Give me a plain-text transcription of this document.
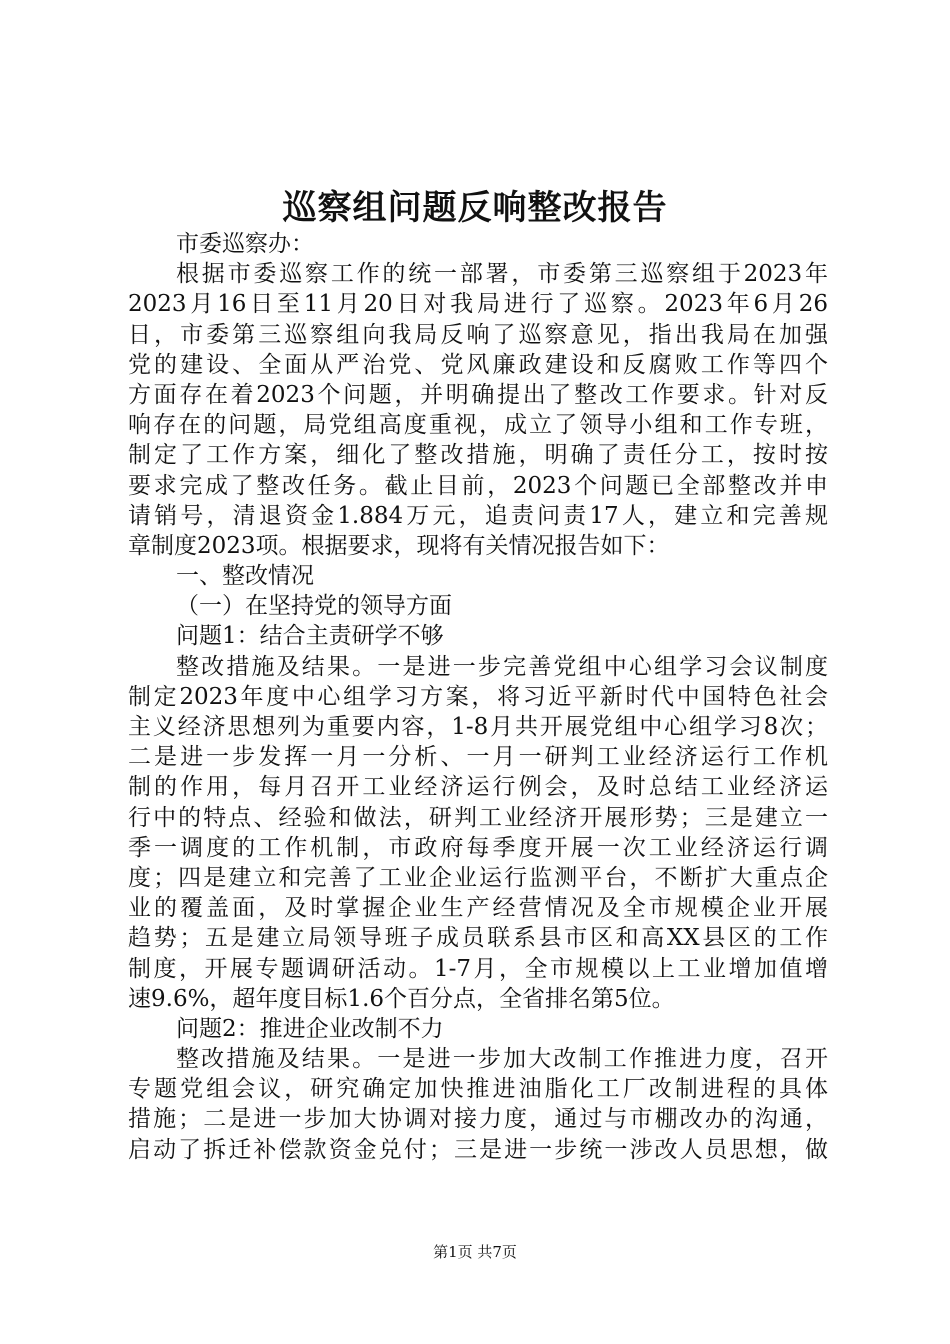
巡察组问题反响整改报告
市委巡察办：
根据市委巡察工作的统一部署，市委第三巡察组于2023年
2023月16日至11月20日对我局进行了巡察。2023年6月26
日，市委第三巡察组向我局反响了巡察意见，指出我局在加强
党的建设、全面从严治党、党风廉政建设和反腐败工作等四个
方面存在着2023个问题，并明确提出了整改工作要求。针对反
响存在的问题，局党组高度重视，成立了领导小组和工作专班，
制定了工作方案，细化了整改措施，明确了责任分工，按时按
要求完成了整改任务。截止目前，2023个问题已全部整改并申
请销号，清退资金1.884万元，追责问责17人，建立和完善规
章制度2023项。根据要求，现将有关情况报告如下：
一、整改情况
（一）在坚持党的领导方面
问题1：结合主责研学不够
整改措施及结果。一是进一步完善党组中心组学习会议制度
制定2023年度中心组学习方案，将习近平新时代中国特色社会
主义经济思想列为重要内容，1-8月共开展党组中心组学习8次；
二是进一步发挥一月一分析、一月一研判工业经济运行工作机
制的作用，每月召开工业经济运行例会，及时总结工业经济运
行中的特点、经验和做法，研判工业经济开展形势；三是建立一
季一调度的工作机制，市政府每季度开展一次工业经济运行调
度；四是建立和完善了工业企业运行监测平台，不断扩大重点企
业的覆盖面，及时掌握企业生产经营情况及全市规模企业开展
趋势；五是建立局领导班子成员联系县市区和高XX县区的工作
制度，开展专题调研活动。1-7月，全市规模以上工业增加值增
速9.6%，超年度目标1.6个百分点，全省排名第5位。
问题2：推进企业改制不力
整改措施及结果。一是进一步加大改制工作推进力度，召开
专题党组会议，研究确定加快推进油脂化工厂改制进程的具体
措施；二是进一步加大协调对接力度，通过与市棚改办的沟通，
启动了拆迁补偿款资金兑付；三是进一步统一涉改人员思想，做
第1页 共7页
